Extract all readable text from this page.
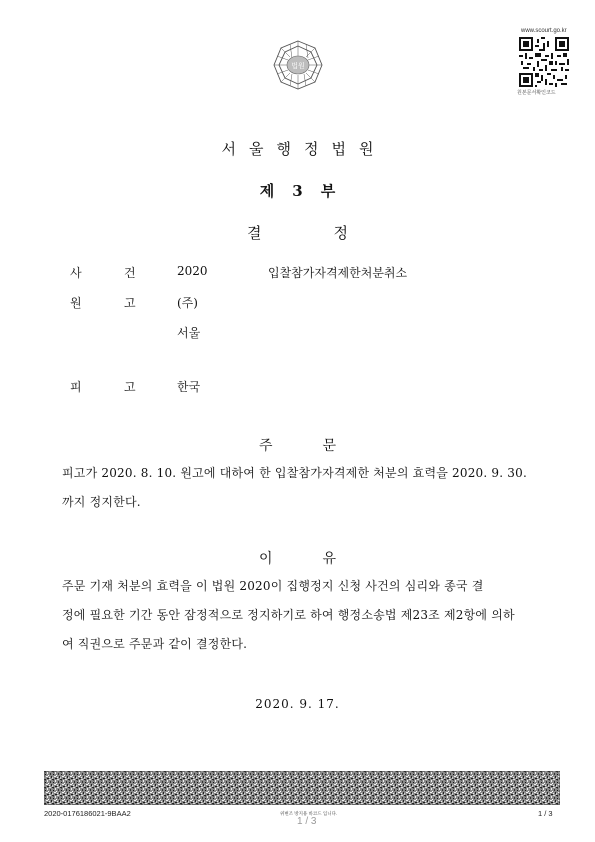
법원
www.scourt.go.kr
원본문서확인코드
서울행정법원
제 3 부
결	정
사	건	2020	입찰참가자격제한처분취소
원	고	(주)
서울
피	고	한국
주	문
피고가 2020. 8. 10. 원고에 대하여 한 입찰참가자격제한 처분의 효력을 2020. 9. 30.
까지 정지한다.
이	유
주문 기재 처분의 효력을 이 법원 2020이 집행정지 신청 사건의 심리와 종국 결
정에 필요한 기간 동안 잠정적으로 정지하기로 하여 행정소송법 제23조 제2항에 의하
여 직권으로 주문과 같이 결정한다.
2020. 9. 17.
2020-0176186021-9BAA2	위변조 방지용 바코드 입니다.
1 / 3
1 / 3
